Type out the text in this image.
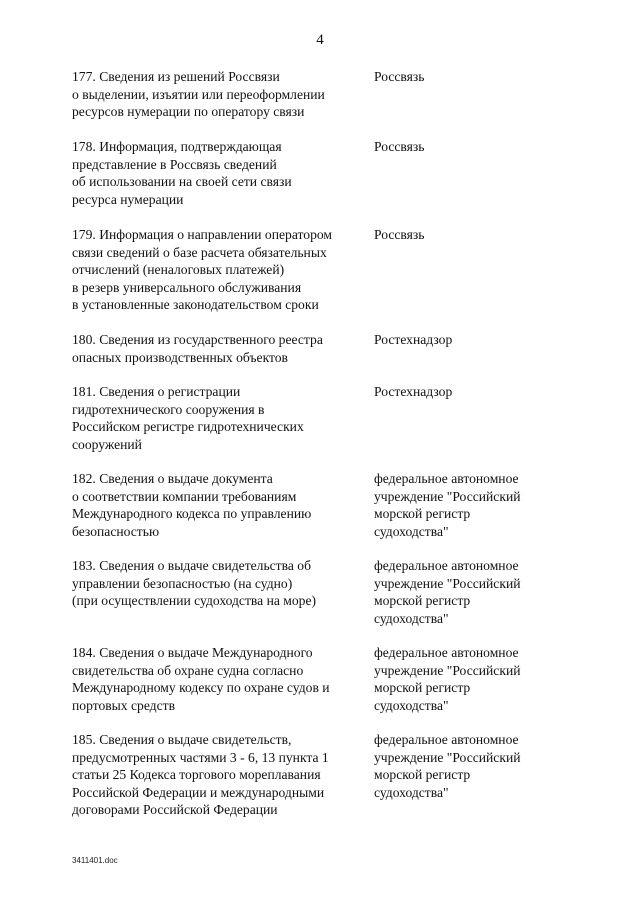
4
177. Сведения из решений Россвязи
о выделении, изъятии или переоформлении
ресурсов нумерации по оператору связи
Россвязь
178. Информация, подтверждающая
представление в Россвязь сведений
об использовании на своей сети связи
ресурса нумерации
Россвязь
179. Информация о направлении оператором
связи сведений о базе расчета обязательных
отчислений (неналоговых платежей)
в резерв универсального обслуживания
в установленные законодательством сроки
Россвязь
180. Сведения из государственного реестра
опасных производственных объектов
Ростехнадзор
181. Сведения о регистрации
гидротехнического сооружения в
Российском регистре гидротехнических
сооружений
Ростехнадзор
182. Сведения о выдаче документа
о соответствии компании требованиям
Международного кодекса по управлению
безопасностью
федеральное автономное
учреждение "Российский
морской регистр
судоходства"
183. Сведения о выдаче свидетельства об
управлении безопасностью (на судно)
(при осуществлении судоходства на море)
федеральное автономное
учреждение "Российский
морской регистр
судоходства"
184. Сведения о выдаче Международного
свидетельства об охране судна согласно
Международному кодексу по охране судов и
портовых средств
федеральное автономное
учреждение "Российский
морской регистр
судоходства"
185. Сведения о выдаче свидетельств,
предусмотренных частями 3 - 6, 13 пункта 1
статьи 25 Кодекса торгового мореплавания
Российской Федерации и международными
договорами Российской Федерации
федеральное автономное
учреждение "Российский
морской регистр
судоходства"
3411401.doc
